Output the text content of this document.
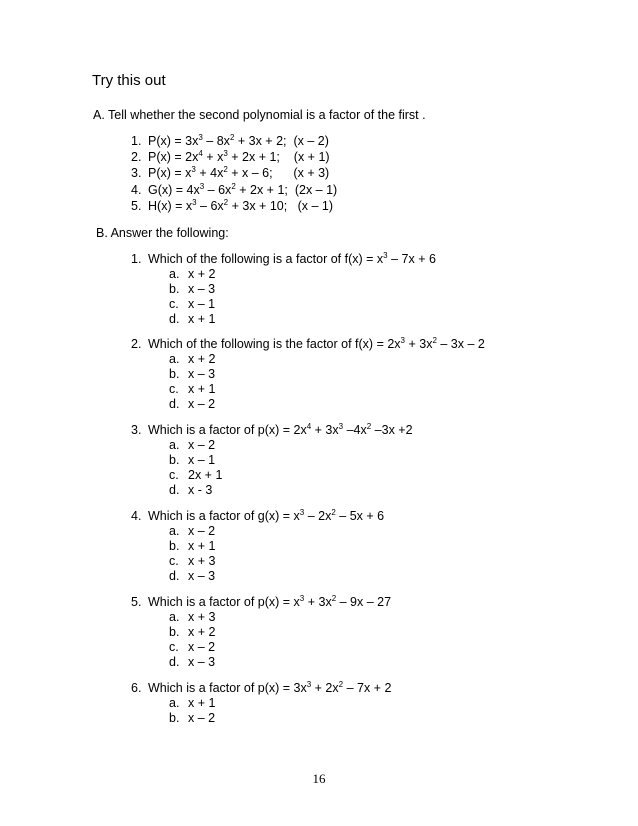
Try this out
A. Tell whether the second polynomial is a factor of the first .
1. $P(x) = 3x^3 - 8x^2 + 3x + 2$;  (x – 2)
2. $P(x) = 2x^4 + x^3 + 2x + 1$;    (x + 1)
3. $P(x) = x^3 + 4x^2 + x - 6$;      (x + 3)
4. $G(x) = 4x^3 - 6x^2 + 2x + 1$;  (2x – 1)
5. $H(x) = x^3 - 6x^2 + 3x + 10$;   (x – 1)
B. Answer the following:
1. Which of the following is a factor of $f(x) = x^3 - 7x + 6$
a. x + 2
b. x – 3
c. x – 1
d. x + 1
2. Which of the following is the factor of $f(x) = 2x^3 + 3x^2 - 3x - 2$
a. x + 2
b. x – 3
c. x + 1
d. x – 2
3. Which is a factor of $p(x) = 2x^4 + 3x^3$ $-4x^2$ –3x +2
a. x – 2
b. x – 1
c. 2x + 1
d. x - 3
4. Which is a factor of $g(x) = x^3 - 2x^2 - 5x + 6$
a. x – 2
b. x + 1
c. x + 3
d. x – 3
5. Which is a factor of $p(x) = x^3 + 3x^2 - 9x - 27$
a. x + 3
b. x + 2
c. x – 2
d. x – 3
6. Which is a factor of $p(x) = 3x^3 + 2x^2 - 7x + 2$
a. x + 1
b. x – 2
16
